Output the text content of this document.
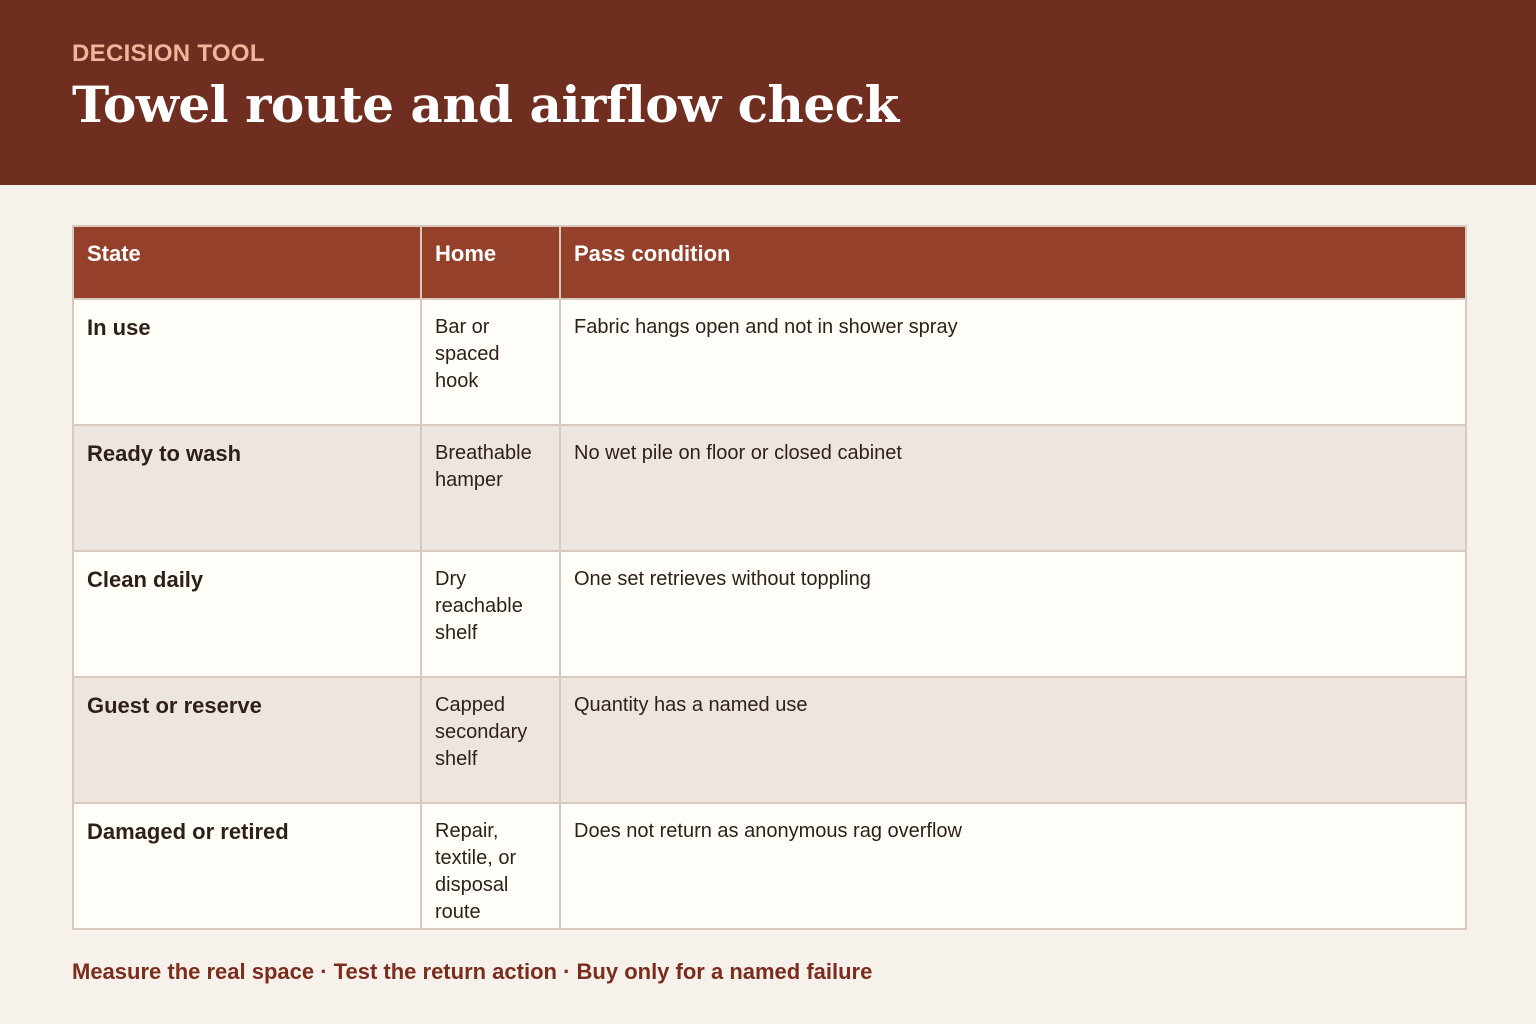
DECISION TOOL
Towel route and airflow check
State	Home	Pass condition
In use	Bar or spaced hook	Fabric hangs open and not in shower spray
Ready to wash	Breathable hamper	No wet pile on floor or closed cabinet
Clean daily	Dry reachable shelf	One set retrieves without toppling
Guest or reserve	Capped secondary shelf	Quantity has a named use
Damaged or retired	Repair, textile, or disposal route	Does not return as anonymous rag overflow
Measure the real space · Test the return action · Buy only for a named failure
